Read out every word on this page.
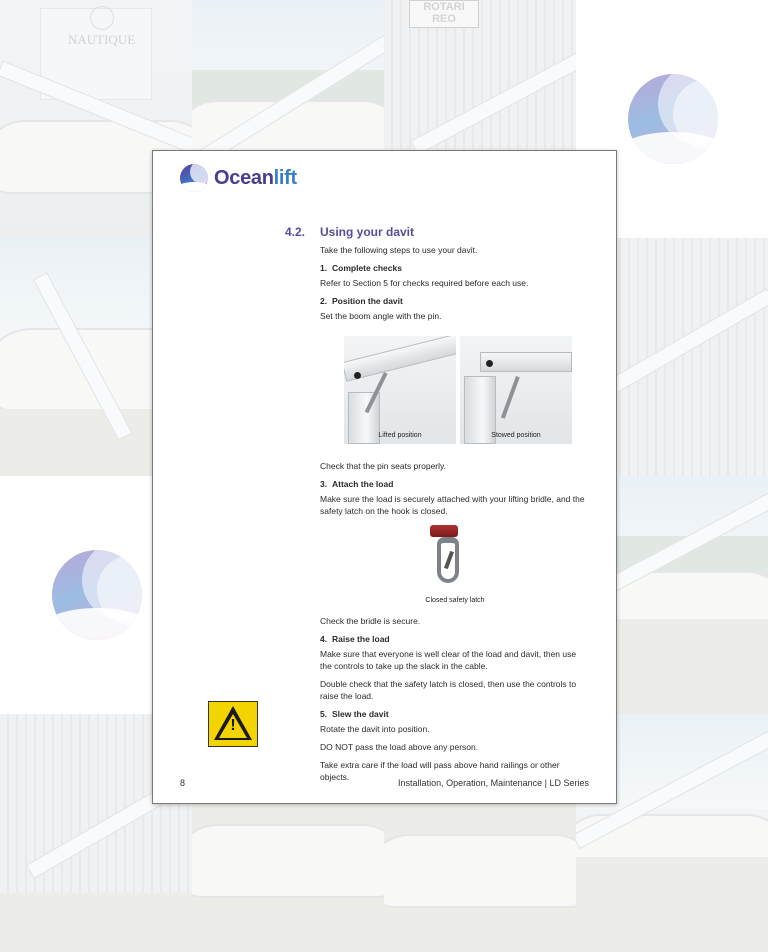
NAUTIQUE
ROTARI
REO
Oceanlift
4.2. Using your davit

Take the following steps to use your davit.

1. Complete checks

Refer to Section 5 for checks required before each use.

2. Position the davit

Set the boom angle with the pin.

Lifted position	Stowed position

Check that the pin seats properly.

3. Attach the load

Make sure the load is securely attached with your lifting bridle, and the safety latch on the hook is closed.

Closed safety latch

Check the bridle is secure.

4. Raise the load

Make sure that everyone is well clear of the load and davit, then use the controls to take up the slack in the cable.

Double check that the safety latch is closed, then use the controls to raise the load.

5. Slew the davit

Rotate the davit into position.

DO NOT pass the load above any person.

Take extra care if the load will pass above hand railings or other objects.

!
8	Installation, Operation, Maintenance | LD Series
